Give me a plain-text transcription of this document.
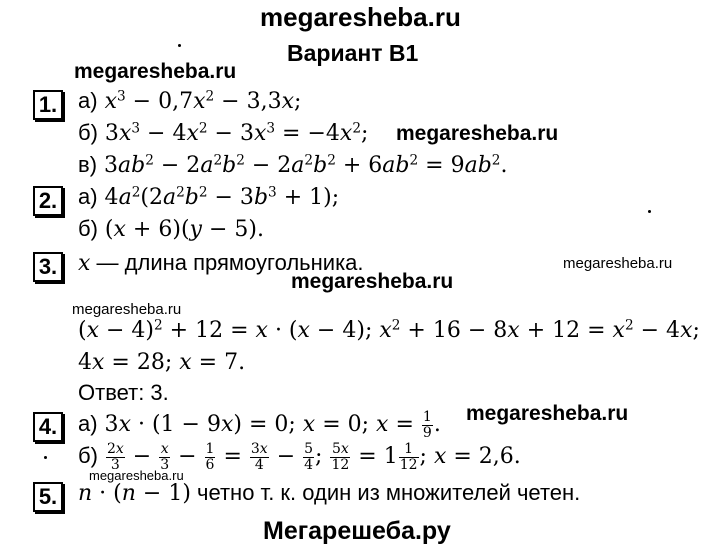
megaresheba.ru
megaresheba.ru
megaresheba.ru
megaresheba.ru
megaresheba.ru
megaresheba.ru
megaresheba.ru
megaresheba.ru
Мегарешеба.ру
Вариант В1
1. а) $x^3 - 0,7x^2 - 3,3x$;
б) $3x^3 - 4x^2 - 3x^3 = -4x^2$;
в) $3ab^2 - 2a^2b^2 - 2a^2b^2 + 6ab^2 = 9ab^2$.
2. а) $4a^2(2a^2b^2 - 3b^3 + 1)$;
б) (x + 6)(y − 5).
3. x — длина прямоугольника.
$(x - 4)^2 + 12 = x \cdot (x - 4)$; $x^2 + 16 - 8x + 12 = x^2 - 4x$;
4x = 28; x = 7.
Ответ: 3.
4. а) 3x · (1 − 9x) = 0; x = 0; $x = \frac{1}{9}$ .
$б) \frac{2x}{3} - \frac{x}{3} - \frac{1}{6} = \frac{3x}{4} - \frac{5}{4}$ ; $\frac{5x}{12} = 1 \frac{1}{12}$ ; x = 2,6.
5. n · (n − 1) четно т. к. один из множителей четен.
